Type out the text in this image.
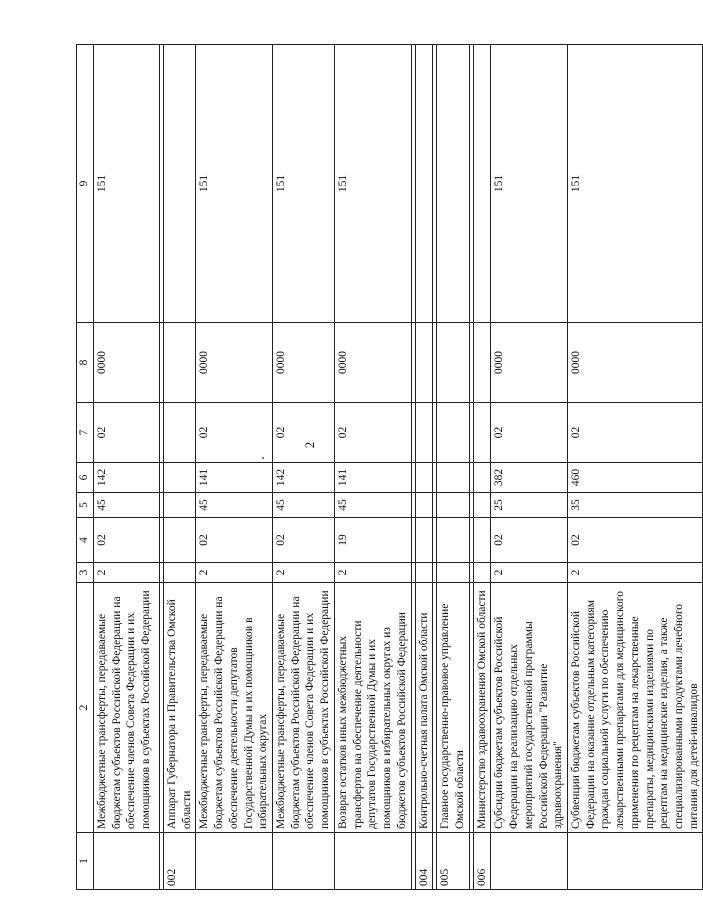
2
1	2	3	4	5	6	7	8	9
	Межбюджетные трансферты, передаваемые бюджетам субъектов Российской Федерации на обеспечение членов Совета Федерации и их помощников в субъектах Российской Федерации	2	02	45	142	02	0000	151

002	Аппарат Губернатора и Правительства Омской области							
	Межбюджетные трансферты, передаваемые бюджетам субъектов Российской Федерации на обеспечение деятельности депутатов Государственной Думы и их помощников в избирательных округах	2	02	45	141	02	0000	151
	Межбюджетные трансферты, передаваемые бюджетам субъектов Российской Федерации на обеспечение членов Совета Федерации и их помощников в субъектах Российской Федерации	2	02	45	142	02	0000	151
	Возврат остатков иных межбюджетных трансфертов на обеспечение деятельности депутатов Государственной Думы и их помощников в избирательных округах из бюджетов субъектов Российской Федерации	2	19	45	141	02	0000	151

004	Контрольно-счетная палата Омской области							

005	Главное государственно-правовое управление Омской области							

006	Министерство здравоохранения Омской области							
	Субсидии бюджетам субъектов Российской Федерации на реализацию отдельных мероприятий государственной программы Российской Федерации "Развитие здравоохранения"	2	02	25	382	02	0000	151
	Субвенции бюджетам субъектов Российской Федерации на оказание отдельным категориям граждан социальной услуги по обеспечению лекарственными препаратами для медицинского применения по рецептам на лекарственные препараты, медицинскими изделиями по рецептам на медицинские изделия, а также специализированными продуктами лечебного питания для детей-инвалидов	2	02	35	460	02	0000	151
